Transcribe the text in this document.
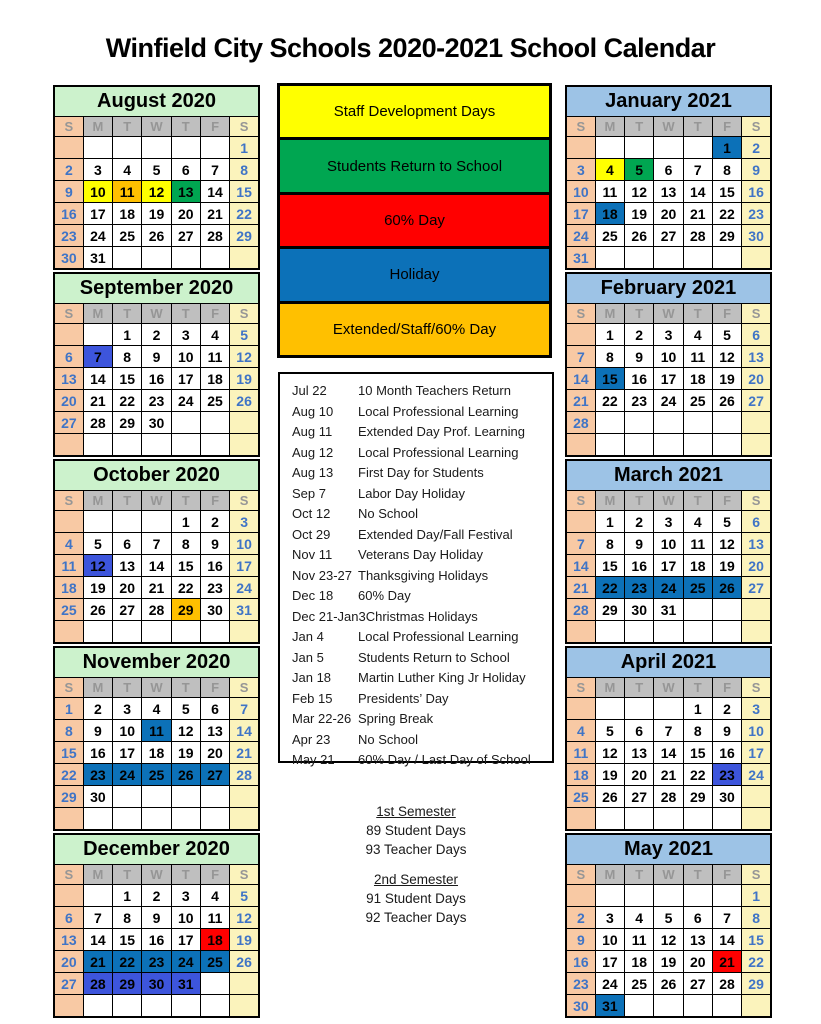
Winfield City Schools 2020-2021 School Calendar
August 2020						
S	M	T	W	T	F	S
						1
2	3	4	5	6	7	8
9	10	11	12	13	14	15
16	17	18	19	20	21	22
23	24	25	26	27	28	29
30	31					
September 2020						
S	M	T	W	T	F	S
		1	2	3	4	5
6	7	8	9	10	11	12
13	14	15	16	17	18	19
20	21	22	23	24	25	26
27	28	29	30			

October 2020						
S	M	T	W	T	F	S
				1	2	3
4	5	6	7	8	9	10
11	12	13	14	15	16	17
18	19	20	21	22	23	24
25	26	27	28	29	30	31

November 2020						
S	M	T	W	T	F	S
1	2	3	4	5	6	7
8	9	10	11	12	13	14
15	16	17	18	19	20	21
22	23	24	25	26	27	28
29	30					

December 2020						
S	M	T	W	T	F	S
		1	2	3	4	5
6	7	8	9	10	11	12
13	14	15	16	17	18	19
20	21	22	23	24	25	26
27	28	29	30	31		

Staff Development Days
Students Return to School
60% Day
Holiday
Extended/Staff/60% Day
Jul 22	10 Month Teachers Return
Aug 10	Local Professional Learning
Aug 11	Extended Day Prof. Learning
Aug 12	Local Professional Learning
Aug 13	First Day for Students
Sep 7	Labor Day Holiday
Oct 12	No School
Oct 29	Extended Day/Fall Festival
Nov 11	Veterans Day Holiday
Nov 23-27 Thanksgiving Holidays
Dec 18	60% Day
Dec 21-Jan3 Christmas Holidays
Jan 4	Local Professional Learning
Jan 5	Students Return to School
Jan 18	Martin Luther King Jr Holiday
Feb 15	Presidents’ Day
Mar 22-26 Spring Break
Apr 23	No School
May 21	60% Day / Last Day of School
1st Semester
89 Student Days
93 Teacher Days
2nd Semester
91 Student Days
92 Teacher Days
January 2021						
S	M	T	W	T	F	S
					1	2
3	4	5	6	7	8	9
10	11	12	13	14	15	16
17	18	19	20	21	22	23
24	25	26	27	28	29	30
31						
February 2021						
S	M	T	W	T	F	S
	1	2	3	4	5	6
7	8	9	10	11	12	13
14	15	16	17	18	19	20
21	22	23	24	25	26	27
28						

March 2021						
S	M	T	W	T	F	S
	1	2	3	4	5	6
7	8	9	10	11	12	13
14	15	16	17	18	19	20
21	22	23	24	25	26	27
28	29	30	31			

April 2021						
S	M	T	W	T	F	S
				1	2	3
4	5	6	7	8	9	10
11	12	13	14	15	16	17
18	19	20	21	22	23	24
25	26	27	28	29	30	

May 2021						
S	M	T	W	T	F	S
						1
2	3	4	5	6	7	8
9	10	11	12	13	14	15
16	17	18	19	20	21	22
23	24	25	26	27	28	29
30	31					
